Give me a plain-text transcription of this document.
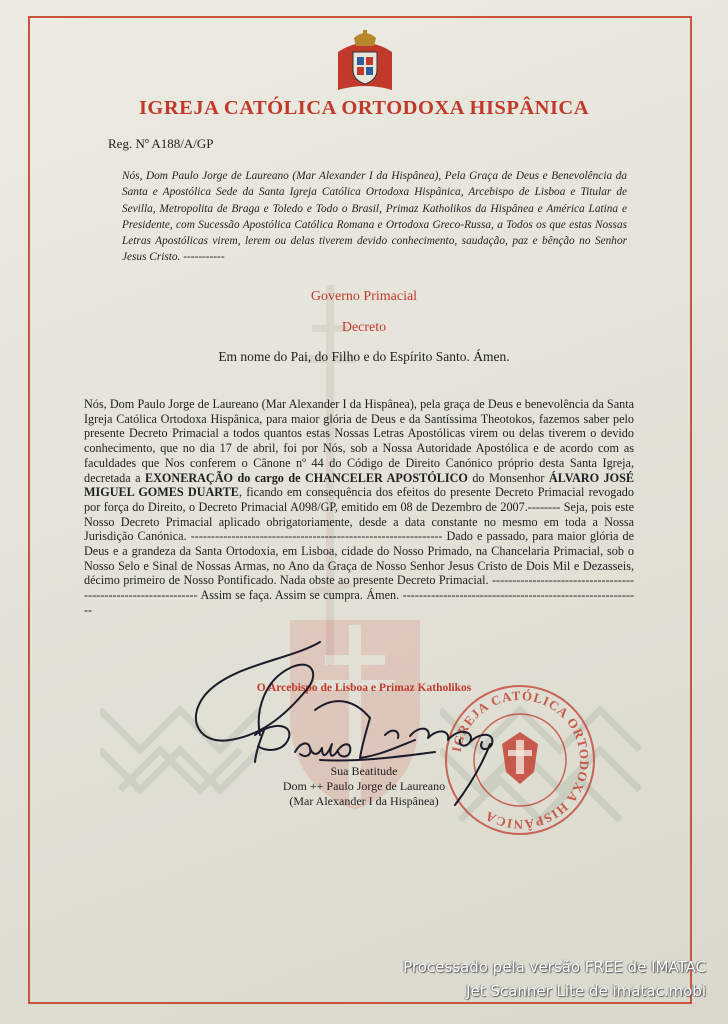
IGREJA CATÓLICA ORTODOXA HISPÂNICA
Reg. Nº A188/A/GP

Nós, Dom Paulo Jorge de Laureano (Mar Alexander I da Hispânea), Pela Graça de Deus e Benevolência da Santa e Apostólica Sede da Santa Igreja Católica Ortodoxa Hispânica, Arcebispo de Lisboa e Titular de Sevilla, Metropolita de Braga e Toledo e Todo o Brasil, Primaz Katholikos da Hispânea e América Latina e Presidente, com Sucessão Apostólica Católica Romana e Ortodoxa Greco-Russa, a Todos os que estas Nossas Letras Apostólicas virem, lerem ou delas tiverem devido conhecimento, saudação, paz e bênção no Senhor Jesus Cristo. -----------

Governo Primacial
Decreto
Em nome do Pai, do Filho e do Espírito Santo. Ámen.

Nós, Dom Paulo Jorge de Laureano (Mar Alexander I da Hispânea), pela graça de Deus e benevolência da Santa Igreja Católica Ortodoxa Hispânica, para maior glória de Deus e da Santíssima Theotokos, fazemos saber pelo presente Decreto Primacial a todos quantos estas Nossas Letras Apostólicas virem ou delas tiverem o devido conhecimento, que no dia 17 de abril, foi por Nós, sob a Nossa Autoridade Apostólica e de acordo com as faculdades que Nos conferem o Cânone nº 44 do Código de Direito Canónico próprio desta Santa Igreja, decretada a EXONERAÇÃO do cargo de CHANCELER APOSTÓLICO do Monsenhor ÁLVARO JOSÉ MIGUEL GOMES DUARTE, ficando em consequência dos efeitos do presente Decreto Primacial revogado por força do Direito, o Decreto Primacial A098/GP, emitido em 08 de Dezembro de 2007.-------- Seja, pois este Nosso Decreto Primacial aplicado obrigatoriamente, desde a data constante no mesmo em toda a Nossa Jurisdição Canónica. -------------------------------------------------------------- Dado e passado, para maior glória de Deus e a grandeza da Santa Ortodoxia, em Lisboa, cidade do Nosso Primado, na Chancelaria Primacial, sob o Nosso Selo e Sinal de Nossas Armas, no Ano da Graça de Nosso Senhor Jesus Cristo de Dois Mil e Dezasseis, décimo primeiro de Nosso Pontificado. Nada obste ao presente Decreto Primacial. --------------------------------------------------------------- Assim se faça. Assim se cumpra. Ámen. -----------------------------------------------------------

O Arcebispo de Lisboa e Primaz Katholikos
IGREJA CATÓLICA ORTODOXA HISPÂNICA
Sua Beatitude
Dom ++ Paulo Jorge de Laureano
(Mar Alexander I da Hispânea)
Processado pela versão FREE de IMATAC
Jet Scanner Lite de imatac.mobi
